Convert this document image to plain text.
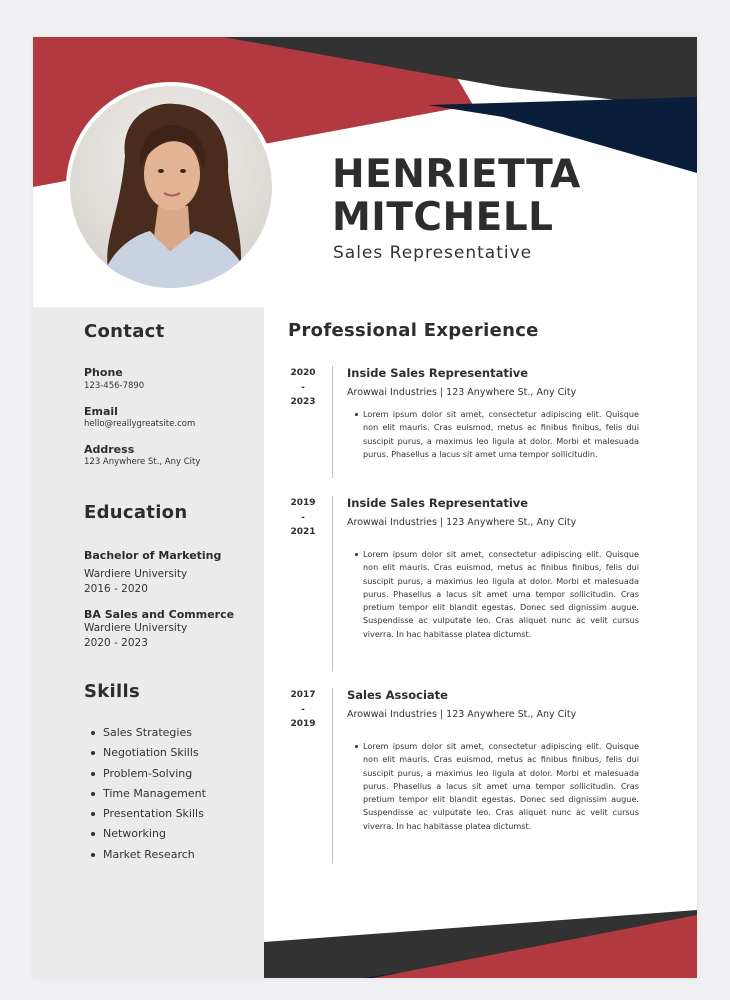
HENRIETTA
MITCHELL

Sales Representative

Contact

Phone

123-456-7890

Email

hello@reallygreatsite.com

Address

123 Anywhere St., Any City

Education

Bachelor of Marketing

Wardiere University

2016 - 2020

BA Sales and Commerce

Wardiere University

2020 - 2023

Skills
Sales Strategies
Negotiation Skills
Problem-Solving
Time Management
Presentation Skills
Networking
Market Research
Professional Experience
2020
-
2023

Inside Sales Representative

Arowwai Industries | 123 Anywhere St., Any City

Lorem ipsum dolor sit amet, consectetur adipiscing elit. Quisque non elit mauris. Cras euismod, metus ac finibus finibus, felis dui suscipit purus, a maximus leo ligula at dolor. Morbi et malesuada purus. Phasellus a lacus sit amet urna tempor sollicitudin.

2019
-
2021

Inside Sales Representative

Arowwai Industries | 123 Anywhere St., Any City

Lorem ipsum dolor sit amet, consectetur adipiscing elit. Quisque non elit mauris. Cras euismod, metus ac finibus finibus, felis dui suscipit purus, a maximus leo ligula at dolor. Morbi et malesuada purus. Phasellus a lacus sit amet urna tempor sollicitudin. Cras pretium tempor elit blandit egestas. Donec sed dignissim augue. Suspendisse ac vulputate leo. Cras aliquet nunc ac velit cursus viverra. In hac habitasse platea dictumst.

2017
-
2019

Sales Associate

Arowwai Industries | 123 Anywhere St., Any City

Lorem ipsum dolor sit amet, consectetur adipiscing elit. Quisque non elit mauris. Cras euismod, metus ac finibus finibus, felis dui suscipit purus, a maximus leo ligula at dolor. Morbi et malesuada purus. Phasellus a lacus sit amet urna tempor sollicitudin. Cras pretium tempor elit blandit egestas. Donec sed dignissim augue. Suspendisse ac vulputate leo. Cras aliquet nunc ac velit cursus viverra. In hac habitasse platea dictumst.
